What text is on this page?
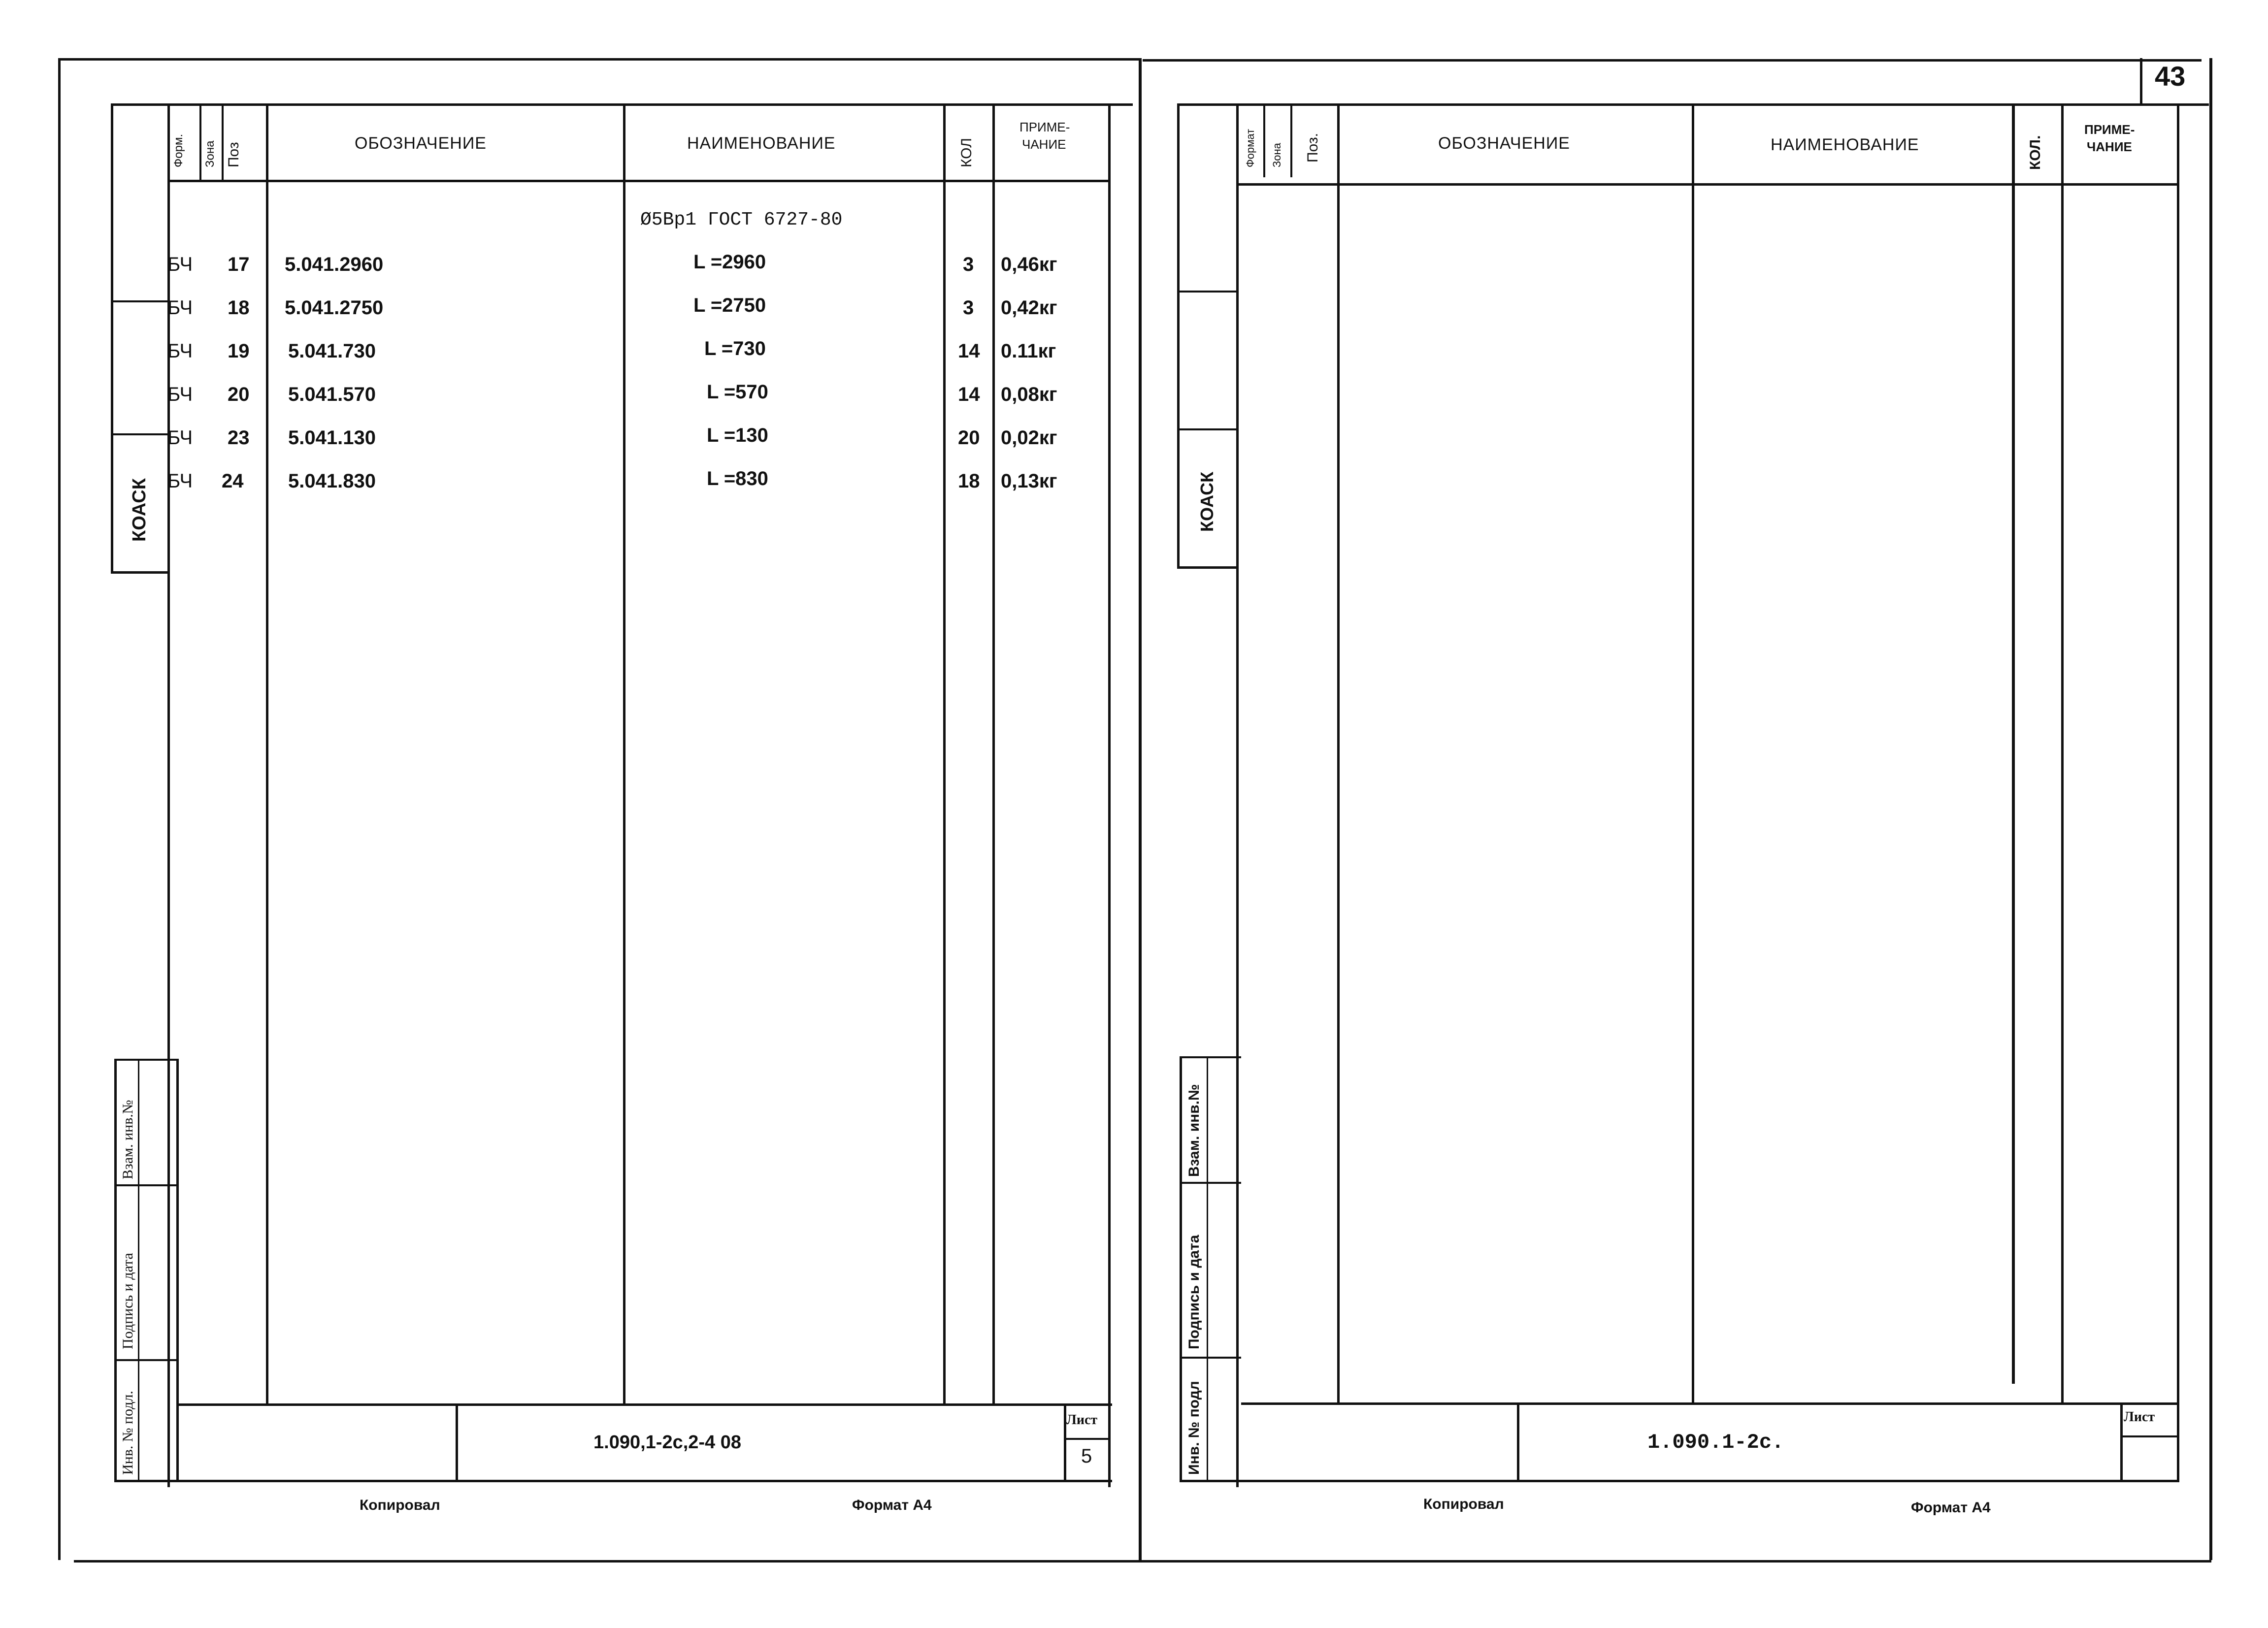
КОАСК
Форм. Зона Поз	ОБОЗНАЧЕНИЕ	НАИМЕНОВАНИЕ	КОЛ
ПРИМЕ-
ЧАНИЕ
Ø5Вр1 ГОСТ 6727-80
БЧ 17 5.041.2960	L =2960	3 0,46кг
БЧ 18 5.041.2750	L =2750	3 0,42кг
БЧ 19 5.041.730	L =730	14 0.11кг
БЧ 20 5.041.570	L =570	14 0,08кг
БЧ 23 5.041.130	L =130	20 0,02кг
БЧ 24 5.041.830	L =830	18 0,13кг
Взам. инв.№
Подпись и дата
Инв. № подл.	1.090,1-2с,2-4 08
Лист
5
Копировал	Формат А4
43
КОАСК
Формат Зона Поз.	ОБОЗНАЧЕНИЕ	НАИМЕНОВАНИЕ	КОЛ.
ПРИМЕ-
ЧАНИЕ
Взам. инв.№
Подпись и дата
Инв. № подл	1.090.1-2с.
Лист
Копировал	Формат А4
